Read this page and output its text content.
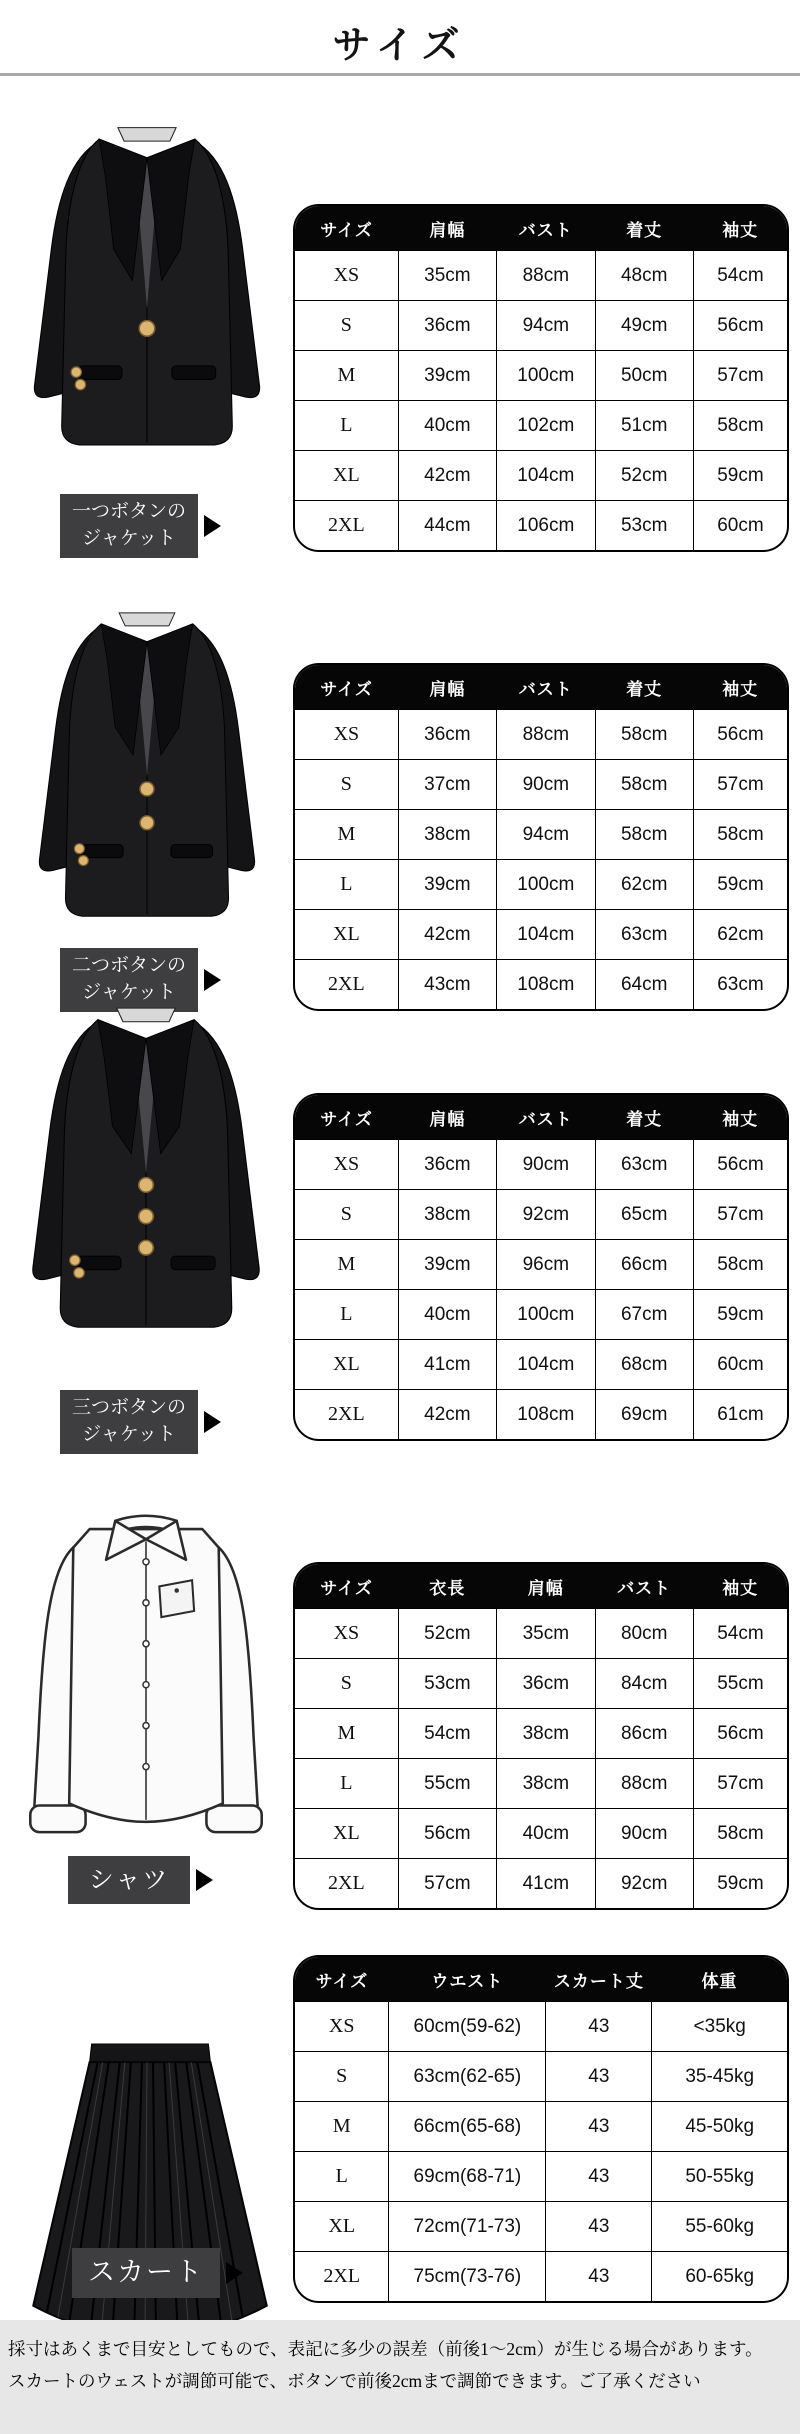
サイズ
サイズ	肩幅	バスト	着丈	袖丈
XS	35cm	88cm	48cm	54cm
S	36cm	94cm	49cm	56cm
M	39cm	100cm	50cm	57cm
L	40cm	102cm	51cm	58cm
XL	42cm	104cm	52cm	59cm
2XL	44cm	106cm	53cm	60cm
一つボタンの
ジャケット
サイズ	肩幅	バスト	着丈	袖丈
XS	36cm	88cm	58cm	56cm
S	37cm	90cm	58cm	57cm
M	38cm	94cm	58cm	58cm
L	39cm	100cm	62cm	59cm
XL	42cm	104cm	63cm	62cm
2XL	43cm	108cm	64cm	63cm
二つボタンの
ジャケット
サイズ	肩幅	バスト	着丈	袖丈
XS	36cm	90cm	63cm	56cm
S	38cm	92cm	65cm	57cm
M	39cm	96cm	66cm	58cm
L	40cm	100cm	67cm	59cm
XL	41cm	104cm	68cm	60cm
2XL	42cm	108cm	69cm	61cm
三つボタンの
ジャケット
サイズ	衣長	肩幅	バスト	袖丈
XS	52cm	35cm	80cm	54cm
S	53cm	36cm	84cm	55cm
M	54cm	38cm	86cm	56cm
L	55cm	38cm	88cm	57cm
XL	56cm	40cm	90cm	58cm
2XL	57cm	41cm	92cm	59cm
シャツ
サイズ	ウエスト	スカート丈	体重
XS	60cm(59-62)	43	<35kg
S	63cm(62-65)	43	35-45kg
M	66cm(65-68)	43	45-50kg
L	69cm(68-71)	43	50-55kg
XL	72cm(71-73)	43	55-60kg
2XL	75cm(73-76)	43	60-65kg
スカート
採寸はあくまで目安としてもので、表記に多少の誤差（前後1～2cm）が生じる場合があります。
スカートのウェストが調節可能で、ボタンで前後2cmまで調節できます。ご了承ください
